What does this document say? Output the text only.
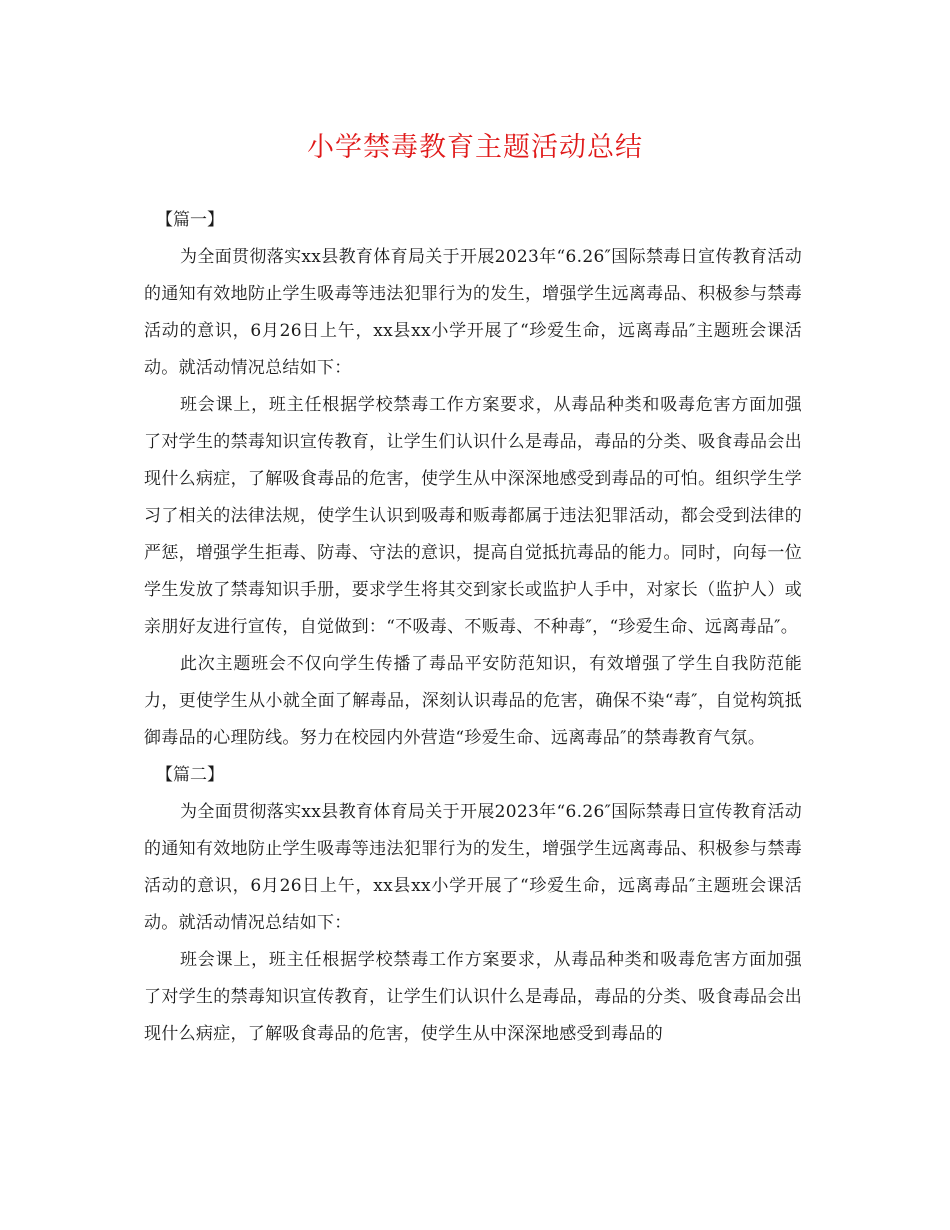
小学禁毒教育主题活动总结

【篇一】

为全面贯彻落实xx县教育体育局关于开展2023年“6.26″国际禁毒日宣传教育活动的通知有效地防止学生吸毒等违法犯罪行为的发生，增强学生远离毒品、积极参与禁毒活动的意识，6月26日上午，xx县xx小学开展了“珍爱生命，远离毒品″主题班会课活动。就活动情况总结如下：

班会课上，班主任根据学校禁毒工作方案要求，从毒品种类和吸毒危害方面加强了对学生的禁毒知识宣传教育，让学生们认识什么是毒品，毒品的分类、吸食毒品会出现什么病症，了解吸食毒品的危害，使学生从中深深地感受到毒品的可怕。组织学生学习了相关的法律法规，使学生认识到吸毒和贩毒都属于违法犯罪活动，都会受到法律的严惩，增强学生拒毒、防毒、守法的意识，提高自觉抵抗毒品的能力。同时，向每一位学生发放了禁毒知识手册，要求学生将其交到家长或监护人手中，对家长（监护人）或亲朋好友进行宣传，自觉做到：“不吸毒、不贩毒、不种毒″，“珍爱生命、远离毒品″。

此次主题班会不仅向学生传播了毒品平安防范知识，有效增强了学生自我防范能力，更使学生从小就全面了解毒品，深刻认识毒品的危害，确保不染“毒″，自觉构筑抵御毒品的心理防线。努力在校园内外营造“珍爱生命、远离毒品″的禁毒教育气氛。

【篇二】

为全面贯彻落实xx县教育体育局关于开展2023年“6.26″国际禁毒日宣传教育活动的通知有效地防止学生吸毒等违法犯罪行为的发生，增强学生远离毒品、积极参与禁毒活动的意识，6月26日上午，xx县xx小学开展了“珍爱生命，远离毒品″主题班会课活动。就活动情况总结如下：

班会课上，班主任根据学校禁毒工作方案要求，从毒品种类和吸毒危害方面加强了对学生的禁毒知识宣传教育，让学生们认识什么是毒品，毒品的分类、吸食毒品会出现什么病症，了解吸食毒品的危害，使学生从中深深地感受到毒品的
